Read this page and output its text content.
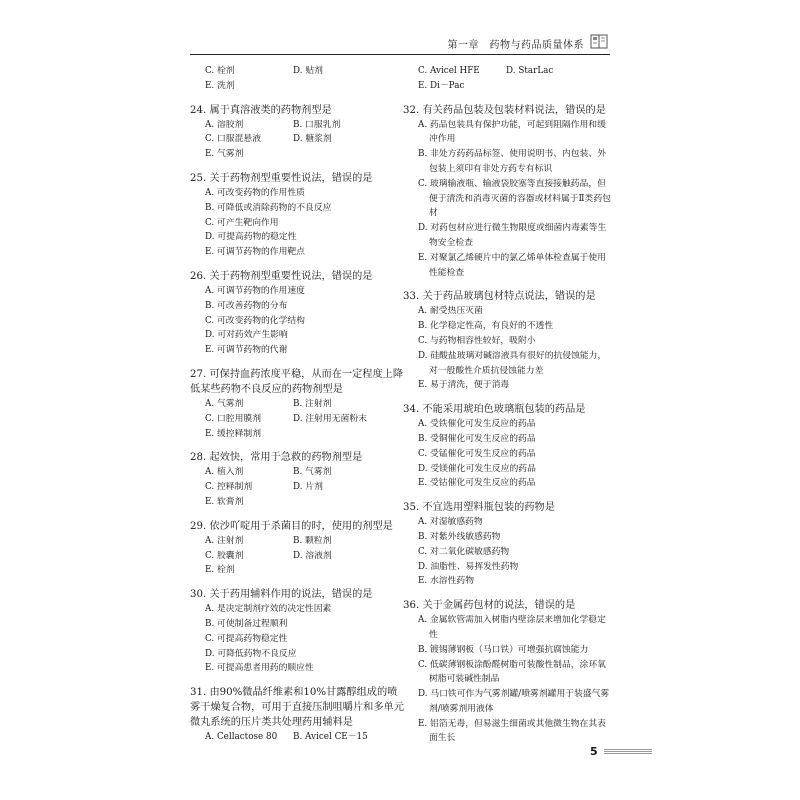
第一章　药物与药品质量体系
C. 栓剂	D. 贴剂
E. 洗剂
24. 属于真溶液类的药物剂型是
A. 溶胶剂	B. 口服乳剂
C. 口服混悬液	D. 糖浆剂
E. 气雾剂
25. 关于药物剂型重要性说法，错误的是
A. 可改变药物的作用性质
B. 可降低或消除药物的不良反应
C. 可产生靶向作用
D. 可提高药物的稳定性
E. 可调节药物的作用靶点
26. 关于药物剂型重要性说法，错误的是
A. 可调节药物的作用速度
B. 可改善药物的分布
C. 可改变药物的化学结构
D. 可对药效产生影响
E. 可调节药物的代谢
27. 可保持血药浓度平稳，从而在一定程度上降低某些药物不良反应的药物剂型是
A. 气雾剂	B. 注射剂
C. 口腔用膜剂	D. 注射用无菌粉末
E. 缓控释制剂
28. 起效快，常用于急救的药物剂型是
A. 植入剂	B. 气雾剂
C. 控释制剂	D. 片剂
E. 软膏剂
29. 依沙吖啶用于杀菌目的时，使用的剂型是
A. 注射剂	B. 颗粒剂
C. 胶囊剂	D. 溶液剂
E. 栓剂
30. 关于药用辅料作用的说法，错误的是
A. 是决定制剂疗效的决定性因素
B. 可使制备过程顺利
C. 可提高药物稳定性
D. 可降低药物不良反应
E. 可提高患者用药的顺应性
31. 由90%微晶纤维素和10%甘露醇组成的喷雾干燥复合物，可用于直接压制咀嚼片和多单元微丸系统的压片类共处理药用辅料是
A. Cellactose 80	B. Avicel CE－15
C. Avicel HFE	D. StarLac
E. Di－Pac
32. 有关药品包装及包装材料说法，错误的是
A. 药品包装具有保护功能，可起到阻隔作用和缓冲作用
B. 非处方药药品标签、使用说明书、内包装、外包装上须印有非处方药专有标识
C. 玻璃输液瓶、输液袋胶塞等直接接触药品，但便于清洗和消毒灭菌的容器或材料属于Ⅱ类药包材
D. 对药包材应进行微生物限度或细菌内毒素等生物安全检查
E. 对聚氯乙烯硬片中的氯乙烯单体检查属于使用性能检查
33. 关于药品玻璃包材特点说法，错误的是
A. 耐受热压灭菌
B. 化学稳定性高，有良好的不透性
C. 与药物相容性较好，吸附小
D. 硅酸盐玻璃对碱溶液具有很好的抗侵蚀能力，对一般酸性介质抗侵蚀能力差
E. 易于清洗，便于消毒
34. 不能采用琥珀色玻璃瓶包装的药品是
A. 受铁催化可发生反应的药品
B. 受铜催化可发生反应的药品
C. 受锰催化可发生反应的药品
D. 受镁催化可发生反应的药品
E. 受钴催化可发生反应的药品
35. 不宜选用塑料瓶包装的药物是
A. 对湿敏感药物
B. 对紫外线敏感药物
C. 对二氧化碳敏感药物
D. 油脂性、易挥发性药物
E. 水溶性药物
36. 关于金属药包材的说法，错误的是
A. 金属软管需加入树脂内壁涂层来增加化学稳定性
B. 镀锡薄钢板（马口铁）可增强抗腐蚀能力
C. 低碳薄钢板涂酚醛树脂可装酸性制品，涂环氧树脂可装碱性制品
D. 马口铁可作为气雾剂罐/喷雾剂罐用于装盛气雾剂/喷雾剂用液体
E. 铝箔无毒，但易滋生细菌或其他微生物在其表面生长
5
